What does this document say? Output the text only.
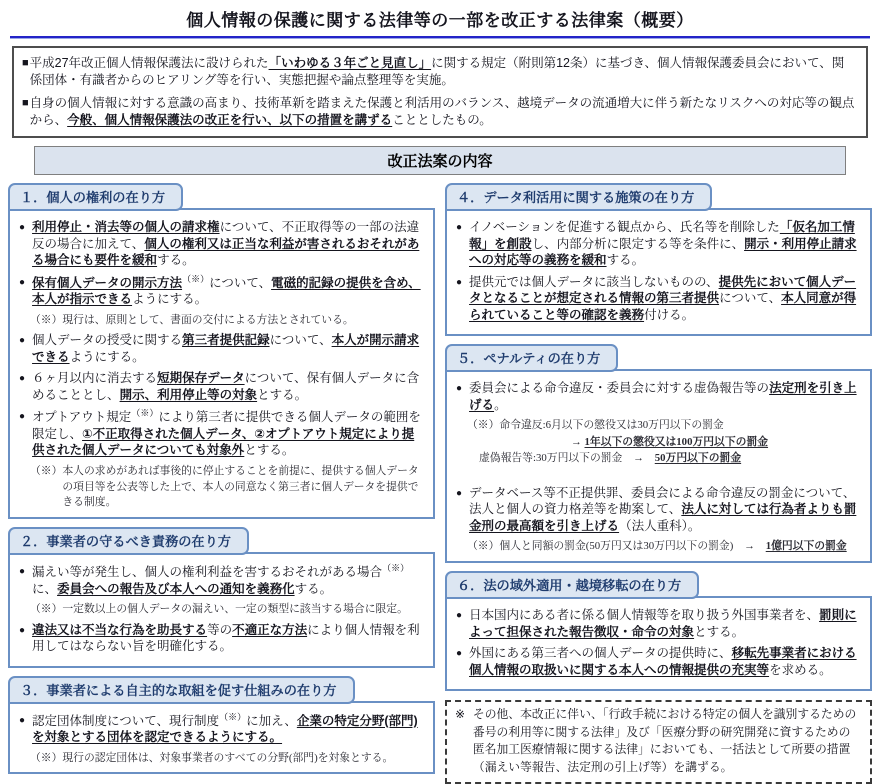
個人情報の保護に関する法律等の一部を改正する法律案（概要）
■ 平成27年改正個人情報保護法に設けられた「いわゆる３年ごと見直し」に関する規定（附則第12条）に基づき、個人情報保護委員会において、関係団体・有識者からのヒアリング等を行い、実態把握や論点整理等を実施。
■ 自身の個人情報に対する意識の高まり、技術革新を踏まえた保護と利活用のバランス、越境データの流通増大に伴う新たなリスクへの対応等の観点から、今般、個人情報保護法の改正を行い、以下の措置を講ずることとしたもの。
改正法案の内容
１．個人の権利の在り方
● 利用停止・消去等の個人の請求権について、不正取得等の一部の法違反の場合に加えて、個人の権利又は正当な利益が害されるおそれがある場合にも要件を緩和する。
● 保有個人データの開示方法（※）について、電磁的記録の提供を含め、本人が指示できるようにする。
（※）現行は、原則として、書面の交付による方法とされている。
● 個人データの授受に関する第三者提供記録について、本人が開示請求できるようにする。
● ６ヶ月以内に消去する短期保存データについて、保有個人データに含めることとし、開示、利用停止等の対象とする。
● オプトアウト規定（※）により第三者に提供できる個人データの範囲を限定し、①不正取得された個人データ、②オプトアウト規定により提供された個人データについても対象外とする。
（※）本人の求めがあれば事後的に停止することを前提に、提供する個人データの項目等を公表等した上で、本人の同意なく第三者に個人データを提供できる制度。
２．事業者の守るべき責務の在り方
● 漏えい等が発生し、個人の権利利益を害するおそれがある場合（※）に、委員会への報告及び本人への通知を義務化する。
（※）一定数以上の個人データの漏えい、一定の類型に該当する場合に限定。
● 違法又は不当な行為を助長する等の不適正な方法により個人情報を利用してはならない旨を明確化する。
３．事業者による自主的な取組を促す仕組みの在り方
● 認定団体制度について、現行制度（※）に加え、企業の特定分野(部門)を対象とする団体を認定できるようにする。
（※）現行の認定団体は、対象事業者のすべての分野(部門)を対象とする。
４．データ利活用に関する施策の在り方
● イノベーションを促進する観点から、氏名等を削除した「仮名加工情報」を創設し、内部分析に限定する等を条件に、開示・利用停止請求への対応等の義務を緩和する。
● 提供元では個人データに該当しないものの、提供先において個人データとなることが想定される情報の第三者提供について、本人同意が得られていること等の確認を義務付ける。
５．ペナルティの在り方
● 委員会による命令違反・委員会に対する虚偽報告等の法定刑を引き上げる。
（※）命令違反:6月以下の懲役又は30万円以下の罰金
→ 1年以下の懲役又は100万円以下の罰金
虚偽報告等:30万円以下の罰金　→　50万円以下の罰金
● データベース等不正提供罪、委員会による命令違反の罰金について、法人と個人の資力格差等を勘案して、法人に対しては行為者よりも罰金刑の最高額を引き上げる（法人重科）。
（※）個人と同額の罰金(50万円又は30万円以下の罰金)　→　1億円以下の罰金
６．法の域外適用・越境移転の在り方
● 日本国内にある者に係る個人情報等を取り扱う外国事業者を、罰則によって担保された報告徴収・命令の対象とする。
● 外国にある第三者への個人データの提供時に、移転先事業者における個人情報の取扱いに関する本人への情報提供の充実等を求める。
※ その他、本改正に伴い、「行政手続における特定の個人を識別するための番号の利用等に関する法律」及び「医療分野の研究開発に資するための匿名加工医療情報に関する法律」においても、一括法として所要の措置（漏えい等報告、法定刑の引上げ等）を講ずる。
